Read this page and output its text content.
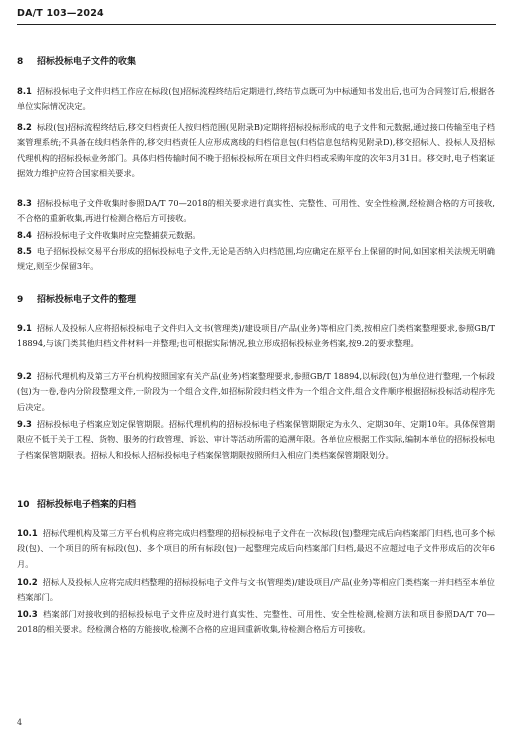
DA/T 103—2024
8 招标投标电子文件的收集
8.1 招标投标电子文件归档工作应在标段(包)招标流程终结后定期进行,终结节点既可为中标通知书发出后,也可为合同签订后,根据各单位实际情况决定。
8.2 标段(包)招标流程终结后,移交归档责任人按归档范围(见附录B)定期将招标投标形成的电子文件和元数据,通过接口传输至电子档案管理系统;不具备在线归档条件的,移交归档责任人应形成离线的归档信息包(归档信息包结构见附录D),移交招标人、投标人及招标代理机构的招标投标业务部门。具体归档传输时间不晚于招标投标所在项目文件归档或采购年度的次年3月31日。移交时,电子档案证据效力维护应符合国家相关要求。
8.3 招标投标电子文件收集时参照DA/T 70—2018的相关要求进行真实性、完整性、可用性、安全性检测,经检测合格的方可接收,不合格的重新收集,再进行检测合格后方可接收。
8.4 招标投标电子文件收集时应完整捕获元数据。
8.5 电子招标投标交易平台形成的招标投标电子文件,无论是否纳入归档范围,均应确定在原平台上保留的时间,如国家相关法规无明确规定,则至少保留3年。
9 招标投标电子文件的整理
9.1 招标人及投标人应将招标投标电子文件归入文书(管理类)/建设项目/产品(业务)等相应门类,按相应门类档案整理要求,参照GB/T 18894,与该门类其他归档文件材料一并整理;也可根据实际情况,独立形成招标投标业务档案,按9.2的要求整理。
9.2 招标代理机构及第三方平台机构按照国家有关产品(业务)档案整理要求,参照GB/T 18894,以标段(包)为单位进行整理,一个标段(包)为一卷,卷内分阶段整理文件,一阶段为一个组合文件,如招标阶段归档文件为一个组合文件,组合文件顺序根据招标投标活动程序先后决定。
9.3 招标投标电子档案应划定保管期限。招标代理机构的招标投标电子档案保管期限定为永久、定期30年、定期10年。具体保管期限应不低于关于工程、货物、服务的行政管理、诉讼、审计等活动所需的追溯年限。各单位应根据工作实际,编制本单位的招标投标电子档案保管期限表。招标人和投标人招标投标电子档案保管期限按照所归入相应门类档案保管期限划分。
10 招标投标电子档案的归档
10.1 招标代理机构及第三方平台机构应将完成归档整理的招标投标电子文件在一次标段(包)整理完成后向档案部门归档,也可多个标段(包)、一个项目的所有标段(包)、多个项目的所有标段(包)一起整理完成后向档案部门归档,最迟不应超过电子文件形成后的次年6月。
10.2 招标人及投标人应将完成归档整理的招标投标电子文件与文书(管理类)/建设项目/产品(业务)等相应门类档案一并归档至本单位档案部门。
10.3 档案部门对接收到的招标投标电子文件应及时进行真实性、完整性、可用性、安全性检测,检测方法和项目参照DA/T 70—2018的相关要求。经检测合格的方能接收,检测不合格的应退回重新收集,待检测合格后方可接收。
4
